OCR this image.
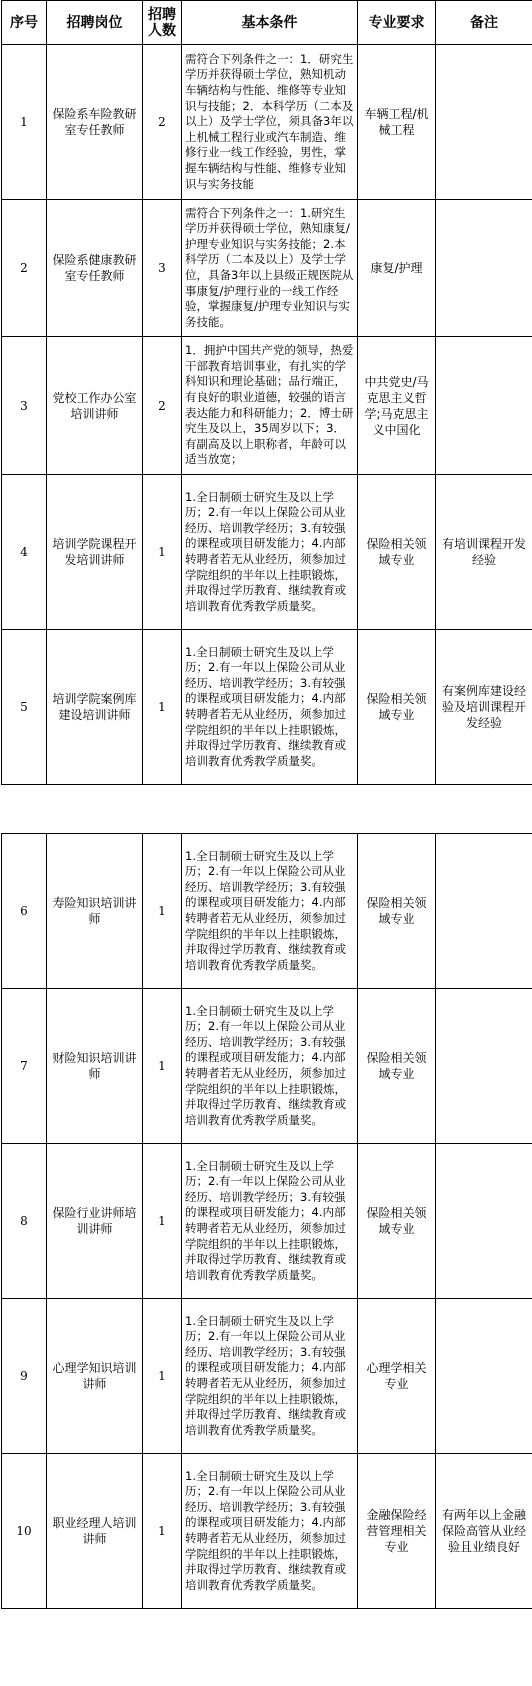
序号	招聘岗位	招聘人数	基本条件	专业要求	备注
1	保险系车险教研室专任教师	2	需符合下列条件之一：1．研究生学历并获得硕士学位，熟知机动车辆结构与性能、维修等专业知识与技能；2．本科学历（二本及以上）及学士学位，须具备3年以上机械工程行业或汽车制造、维修行业一线工作经验，男性，掌握车辆结构与性能、维修专业知识与实务技能	车辆工程/机械工程	
2	保险系健康教研室专任教师	3	需符合下列条件之一：1.研究生学历并获得硕士学位，熟知康复/护理专业知识与实务技能；2.本科学历（二本及以上）及学士学位，具备3年以上县级正规医院从事康复/护理行业的一线工作经验，掌握康复/护理专业知识与实务技能。	康复/护理	
3	党校工作办公室培训讲师	2	1．拥护中国共产党的领导，热爱干部教育培训事业，有扎实的学科知识和理论基础；品行端正，有良好的职业道德，较强的语言表达能力和科研能力；2．博士研究生及以上，35周岁以下；3．有副高及以上职称者，年龄可以适当放宽；	中共党史/马克思主义哲学;马克思主义中国化	
4	培训学院课程开发培训讲师	1	1.全日制硕士研究生及以上学历；2.有一年以上保险公司从业经历、培训教学经历；3.有较强的课程或项目研发能力；4.内部转聘者若无从业经历，须参加过学院组织的半年以上挂职锻炼，并取得过学历教育、继续教育或培训教育优秀教学质量奖。	保险相关领域专业	有培训课程开发经验
5	培训学院案例库建设培训讲师	1	1.全日制硕士研究生及以上学历；2.有一年以上保险公司从业经历、培训教学经历；3.有较强的课程或项目研发能力；4.内部转聘者若无从业经历，须参加过学院组织的半年以上挂职锻炼，并取得过学历教育、继续教育或培训教育优秀教学质量奖。	保险相关领域专业	有案例库建设经验及培训课程开发经验
6	寿险知识培训讲师	1	1.全日制硕士研究生及以上学历；2.有一年以上保险公司从业经历、培训教学经历；3.有较强的课程或项目研发能力；4.内部转聘者若无从业经历，须参加过学院组织的半年以上挂职锻炼，并取得过学历教育、继续教育或培训教育优秀教学质量奖。	保险相关领域专业	
7	财险知识培训讲师	1	1.全日制硕士研究生及以上学历；2.有一年以上保险公司从业经历、培训教学经历；3.有较强的课程或项目研发能力；4.内部转聘者若无从业经历，须参加过学院组织的半年以上挂职锻炼，并取得过学历教育、继续教育或培训教育优秀教学质量奖。	保险相关领域专业	
8	保险行业讲师培训讲师	1	1.全日制硕士研究生及以上学历；2.有一年以上保险公司从业经历、培训教学经历；3.有较强的课程或项目研发能力；4.内部转聘者若无从业经历，须参加过学院组织的半年以上挂职锻炼，并取得过学历教育、继续教育或培训教育优秀教学质量奖。	保险相关领域专业	
9	心理学知识培训讲师	1	1.全日制硕士研究生及以上学历；2.有一年以上保险公司从业经历、培训教学经历；3.有较强的课程或项目研发能力；4.内部转聘者若无从业经历，须参加过学院组织的半年以上挂职锻炼，并取得过学历教育、继续教育或培训教育优秀教学质量奖。	心理学相关专业	
10	职业经理人培训讲师	1	1.全日制硕士研究生及以上学历；2.有一年以上保险公司从业经历、培训教学经历；3.有较强的课程或项目研发能力；4.内部转聘者若无从业经历，须参加过学院组织的半年以上挂职锻炼，并取得过学历教育、继续教育或培训教育优秀教学质量奖。	金融保险经营管理相关专业	有两年以上金融保险高管从业经验且业绩良好
